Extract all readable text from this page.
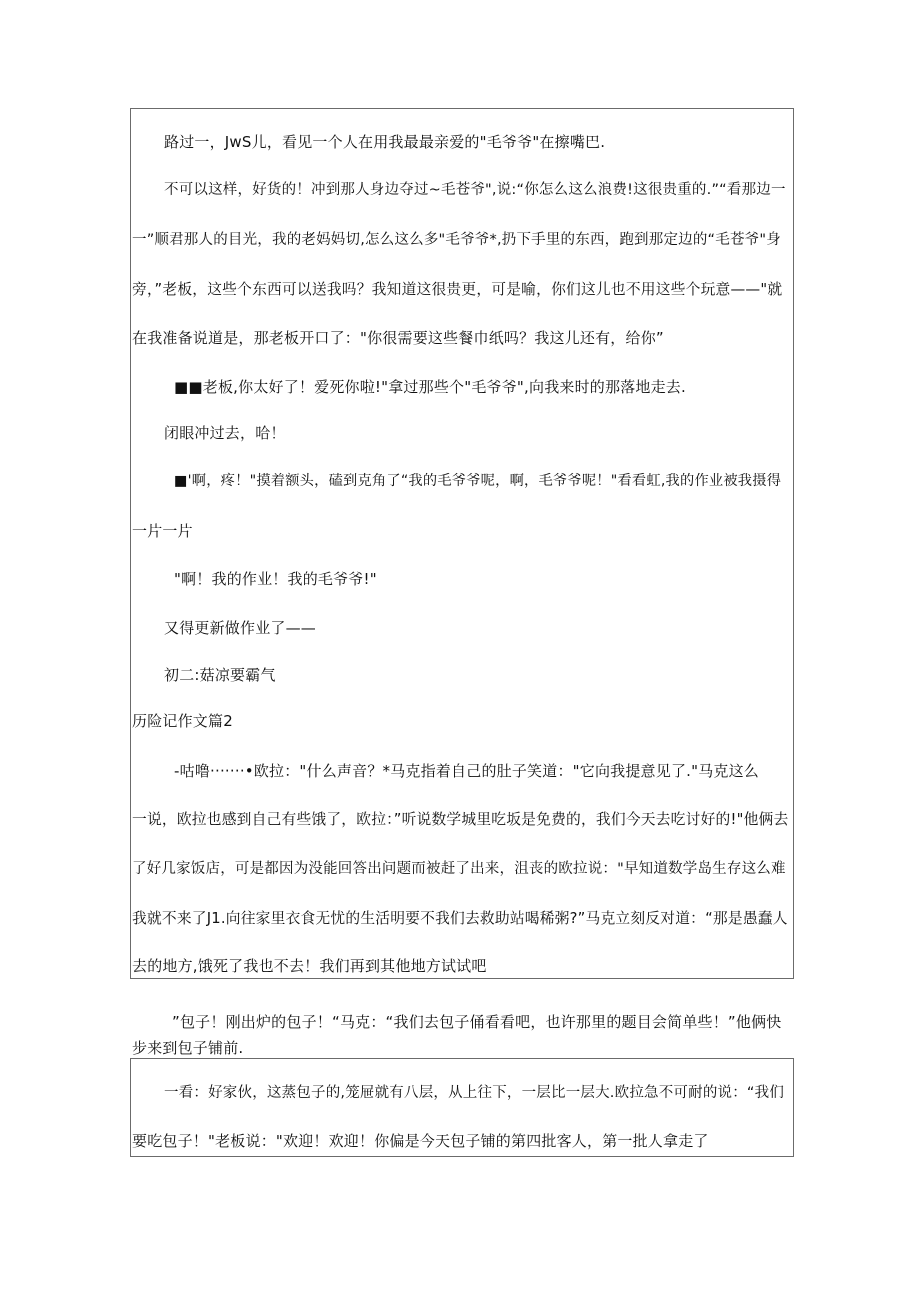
路过一，JwS儿，看见一个人在用我最最亲爱的"毛爷爷"在擦嘴巴.
不可以这样，好货的！冲到那人身边夺过~毛苍爷",说:“你怎么这么浪费!这很贵重的.”“看那边一
一”顺君那人的目光，我的老妈妈切,怎么这么多"毛爷爷*,扔下手里的东西，跑到那定边的“毛苍爷"身
旁，”老板，这些个东西可以送我吗？我知道这很贵更，可是喻，你们这儿也不用这些个玩意——"就
在我准备说道是，那老板开口了："你很需要这些餐巾纸吗？我这儿还有，给你”
■■老板,你太好了！爱死你啦!"拿过那些个"毛爷爷",向我来时的那落地走去.
闭眼冲过去，哈！
■'啊，疼！"摸着额头，磕到克角了“我的毛爷爷呢，啊，毛爷爷呢！"看看虹,我的作业被我摄得
一片一片
"啊！我的作业！我的毛爷爷!"
又得更新做作业了——
初二:菇凉要霸气
历险记作文篇2
-咕噜·······•欧拉："什么声音？*马克指着自己的肚子笑道："它向我提意见了."马克这么
一说，欧拉也感到自己有些饿了，欧拉：”听说数学城里吃坂是免费的，我们今天去吃讨好的!"他俩去
了好几家饭店，可是都因为没能回答出问题而被赶了出来，沮丧的欧拉说："早知道数学岛生存这么难
我就不来了J1.向往家里衣食无忧的生活明要不我们去救助站喝稀粥?”马克立刻反对道：“那是愚蠢人
去的地方,饿死了我也不去！我们再到其他地方试试吧
”包子！刚出炉的包子！“马克：“我们去包子俑看看吧，也许那里的题目会简单些！”他俩快
步来到包子铺前.
一看：好家伙，这蒸包子的,笼屉就有八层，从上往下，一层比一层大.欧拉急不可耐的说：“我们
要吃包子！"老板说："欢迎！欢迎！你偏是今天包子铺的第四批客人，第一批人拿走了
